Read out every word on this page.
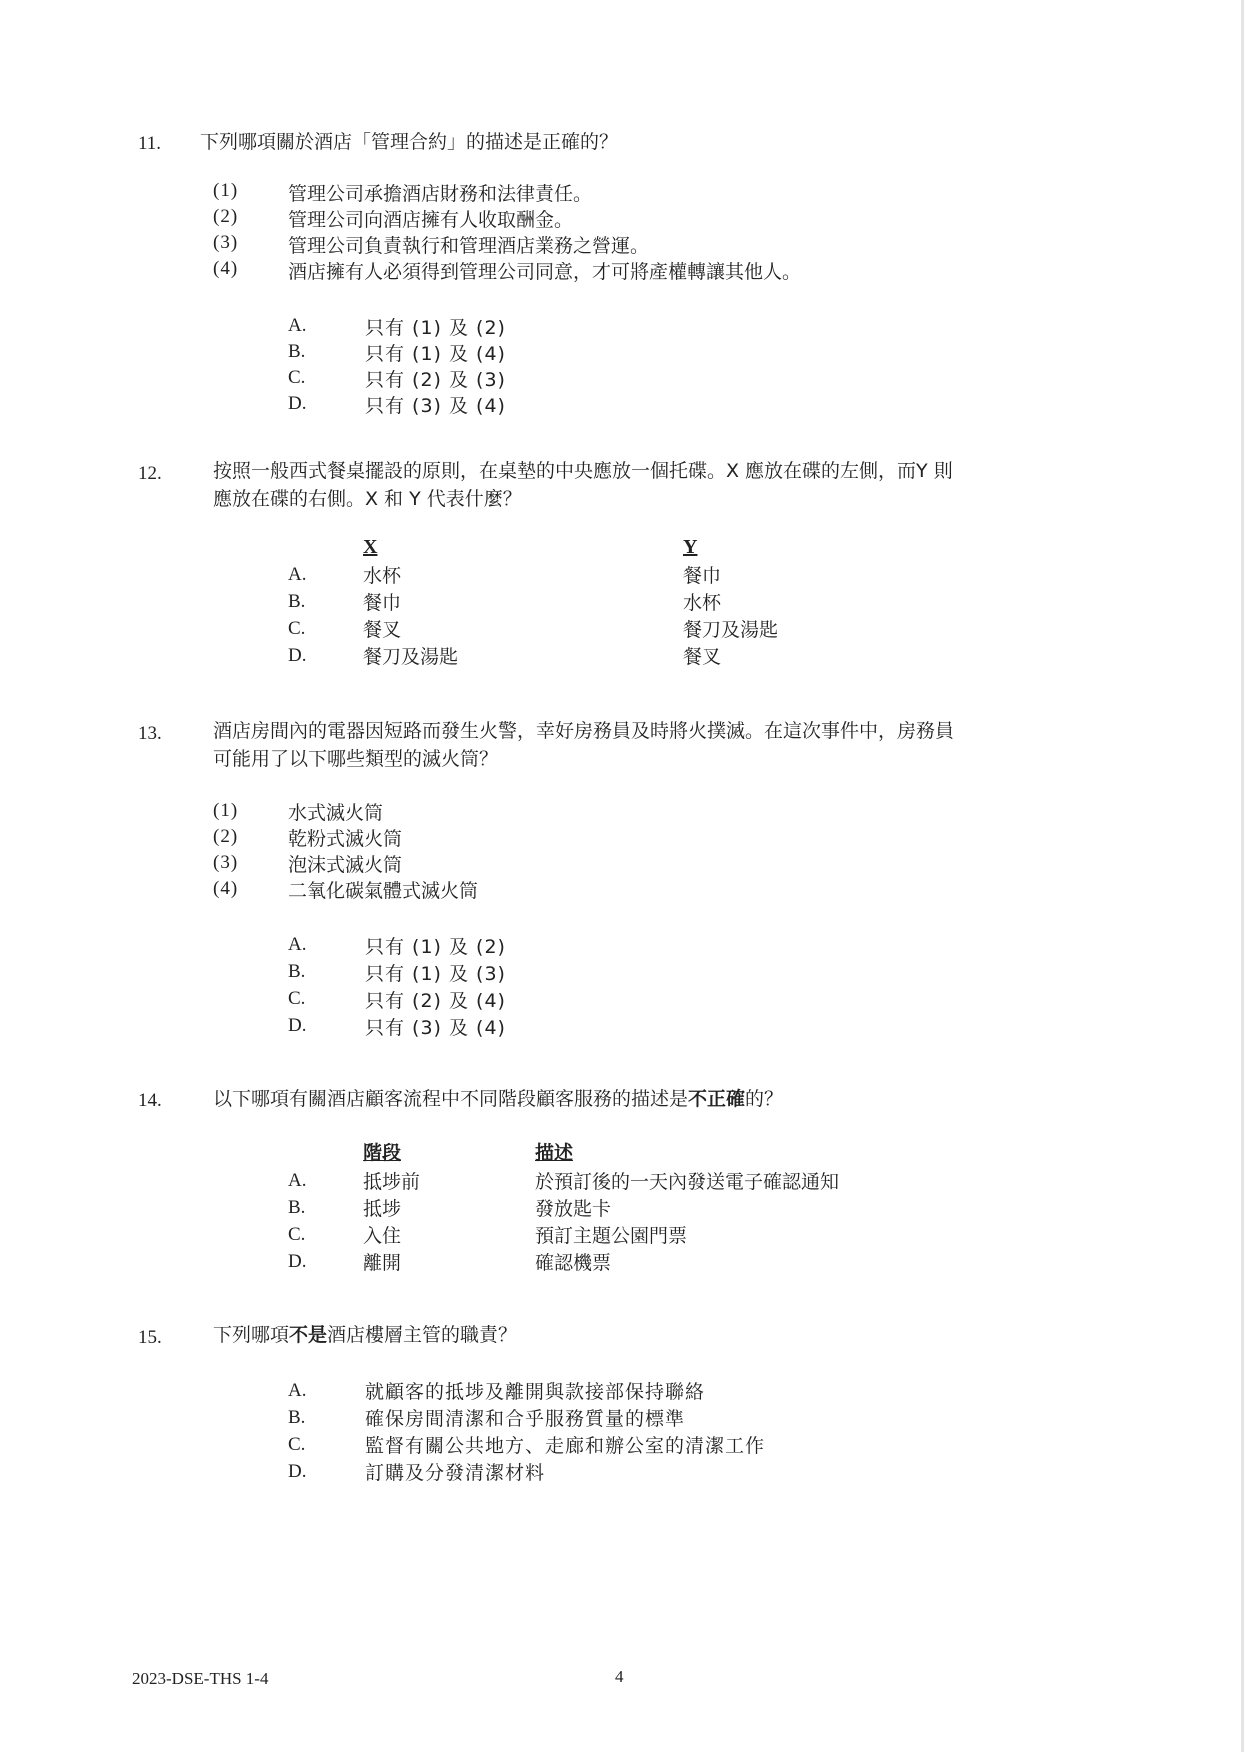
11. 下列哪項關於酒店「管理合約」的描述是正確的？
(1)	管理公司承擔酒店財務和法律責任。
(2)	管理公司向酒店擁有人收取酬金。
(3)	管理公司負責執行和管理酒店業務之營運。
(4)	酒店擁有人必須得到管理公司同意，才可將產權轉讓其他人。
A.	只有 (1) 及 (2)
B.	只有 (1) 及 (4)
C.	只有 (2) 及 (3)
D.	只有 (3) 及 (4)
12.	按照一般西式餐桌擺設的原則，在桌墊的中央應放一個托碟。X 應放在碟的左側，而Y 則
應放在碟的右側。X 和 Y 代表什麼？
X	Y
A.	水杯	餐巾
B.	餐巾	水杯
C.	餐叉	餐刀及湯匙
D.	餐刀及湯匙	餐叉
13.	酒店房間內的電器因短路而發生火警，幸好房務員及時將火撲滅。在這次事件中，房務員
可能用了以下哪些類型的滅火筒？
(1)	水式滅火筒
(2)	乾粉式滅火筒
(3)	泡沫式滅火筒
(4)	二氧化碳氣體式滅火筒
A.	只有 (1) 及 (2)
B.	只有 (1) 及 (3)
C.	只有 (2) 及 (4)
D.	只有 (3) 及 (4)
14.	以下哪項有關酒店顧客流程中不同階段顧客服務的描述是不正確的？
階段	描述
A.	抵埗前	於預訂後的一天內發送電子確認通知
B.	抵埗	發放匙卡
C.	入住	預訂主題公園門票
D.	離開	確認機票
15.	下列哪項不是酒店樓層主管的職責？
A.	就顧客的抵埗及離開與款接部保持聯絡
B.	確保房間清潔和合乎服務質量的標準
C.	監督有關公共地方、走廊和辦公室的清潔工作
D.	訂購及分發清潔材料
2023-DSE-THS 1-4	4
